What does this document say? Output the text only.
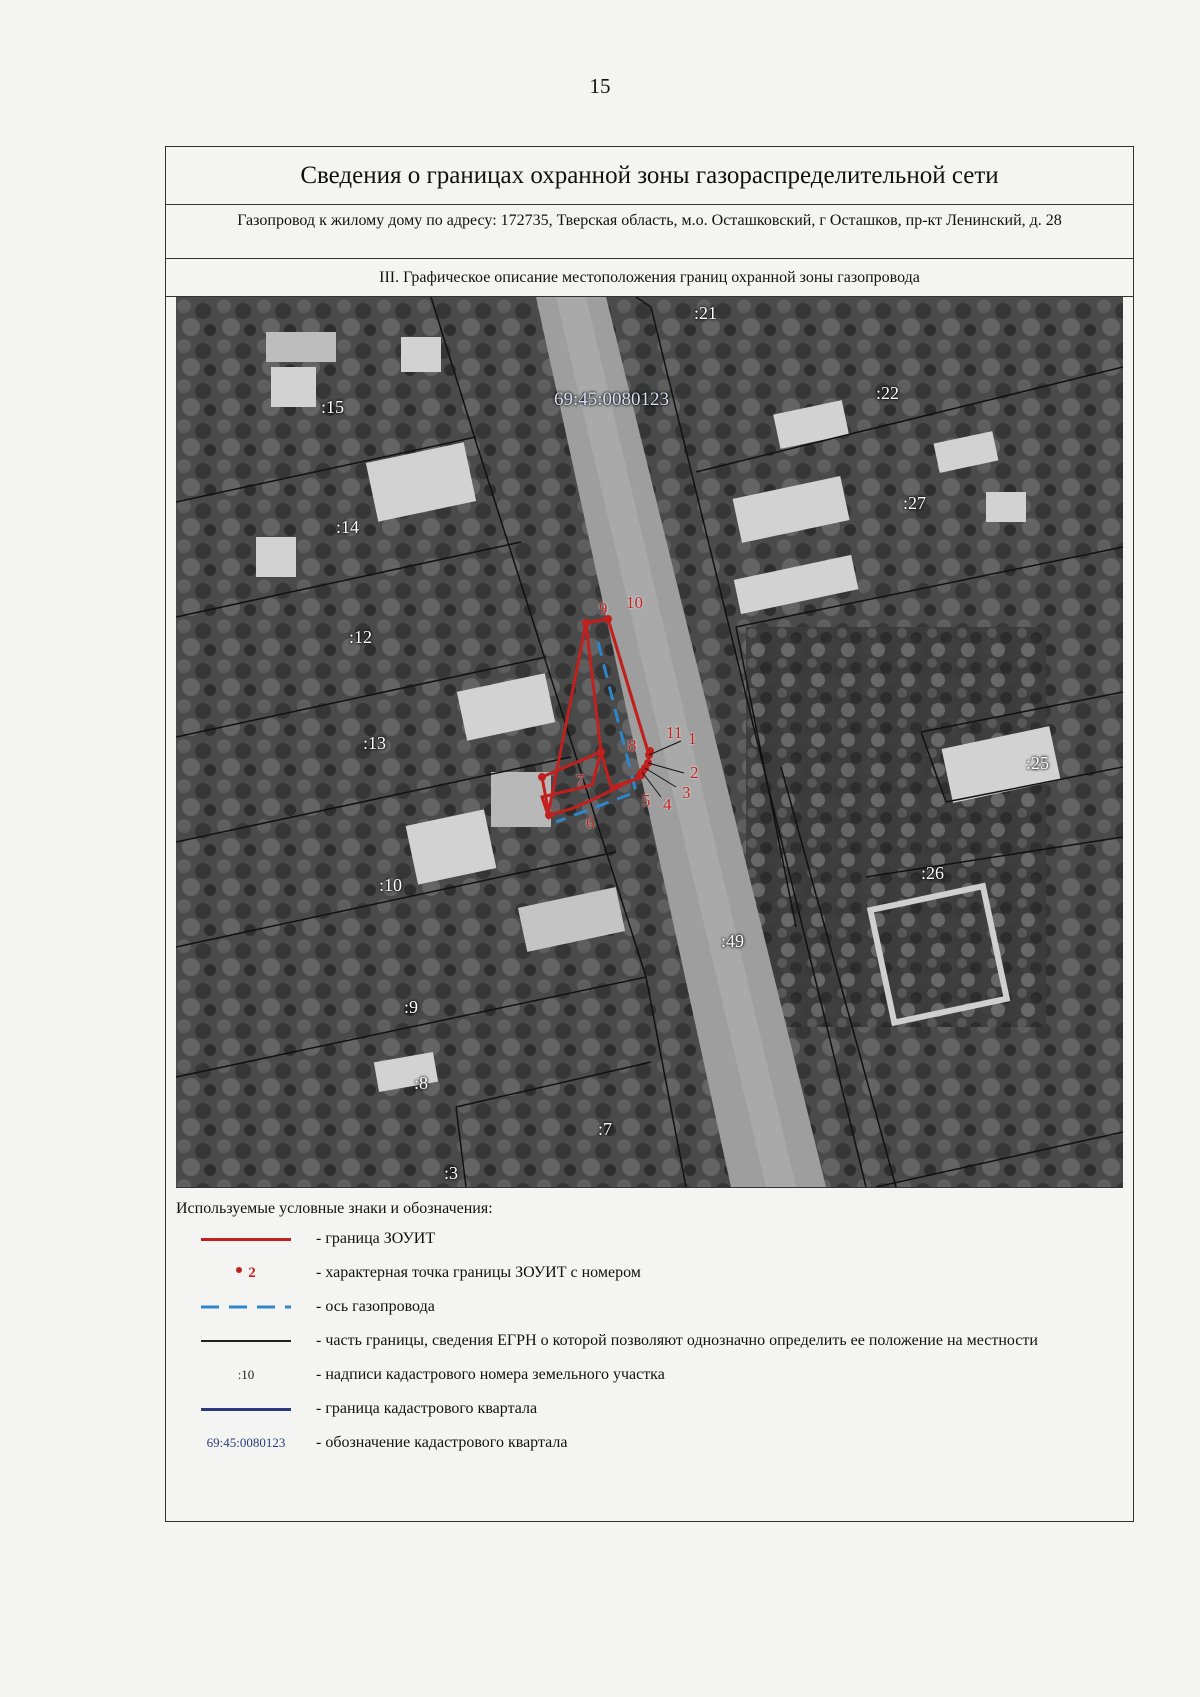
15
Сведения о границах охранной зоны газораспределительной сети
Газопровод к жилому дому по адресу: 172735, Тверская область, м.о. Осташковский, г Осташков, пр-кт Ленинский, д. 28
III. Графическое описание местоположения границ охранной зоны газопровода
1
2
3
4
5
6
7
8
9 10
11
69:45:0080123
:21
:22
:15
:27
:14
:12
:25
:13
:26
:10
:49
:9
:8
:7
:3
Используемые условные знаки и обозначения:
- граница ЗОУИТ
2	- характерная точка границы ЗОУИТ с номером
- ось газопровода
- часть границы, сведения ЕГРН о которой позволяют однозначно определить ее положение на местности
:10	- надписи кадастрового номера земельного участка
- граница кадастрового квартала
69:45:0080123 - обозначение кадастрового квартала
